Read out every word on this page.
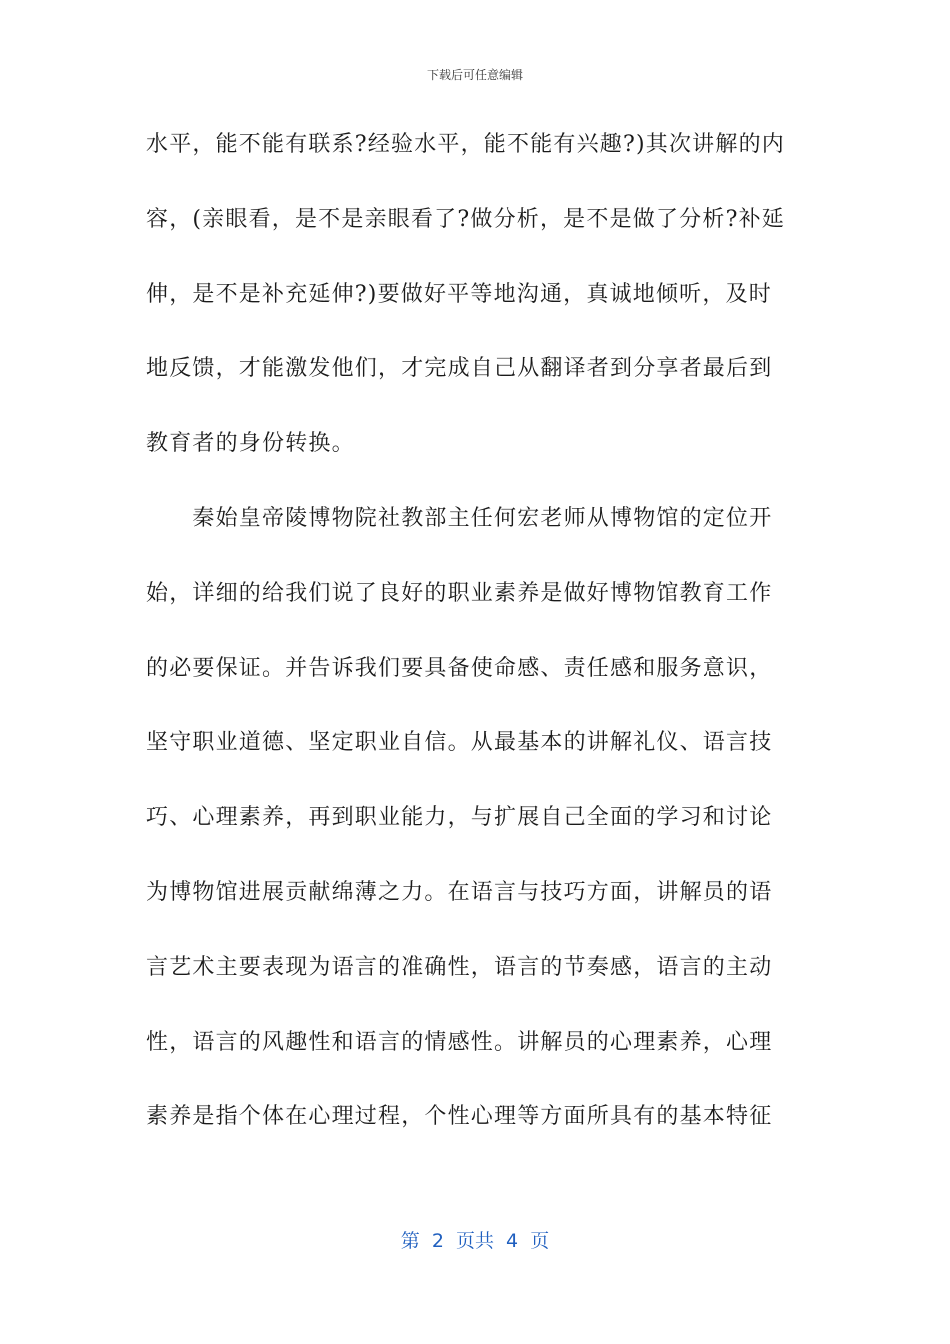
下载后可任意编辑
水平，能不能有联系?经验水平，能不能有兴趣?)其次讲解的内
容，(亲眼看，是不是亲眼看了?做分析，是不是做了分析?补延
伸，是不是补充延伸?)要做好平等地沟通，真诚地倾听，及时
地反馈，才能激发他们，才完成自己从翻译者到分享者最后到
教育者的身份转换。
　　秦始皇帝陵博物院社教部主任何宏老师从博物馆的定位开
始，详细的给我们说了良好的职业素养是做好博物馆教育工作
的必要保证。并告诉我们要具备使命感、责任感和服务意识，
坚守职业道德、坚定职业自信。从最基本的讲解礼仪、语言技
巧、心理素养，再到职业能力，与扩展自己全面的学习和讨论
为博物馆进展贡献绵薄之力。在语言与技巧方面，讲解员的语
言艺术主要表现为语言的准确性，语言的节奏感，语言的主动
性，语言的风趣性和语言的情感性。讲解员的心理素养，心理
素养是指个体在心理过程，个性心理等方面所具有的基本特征
第 2 页共 4 页
